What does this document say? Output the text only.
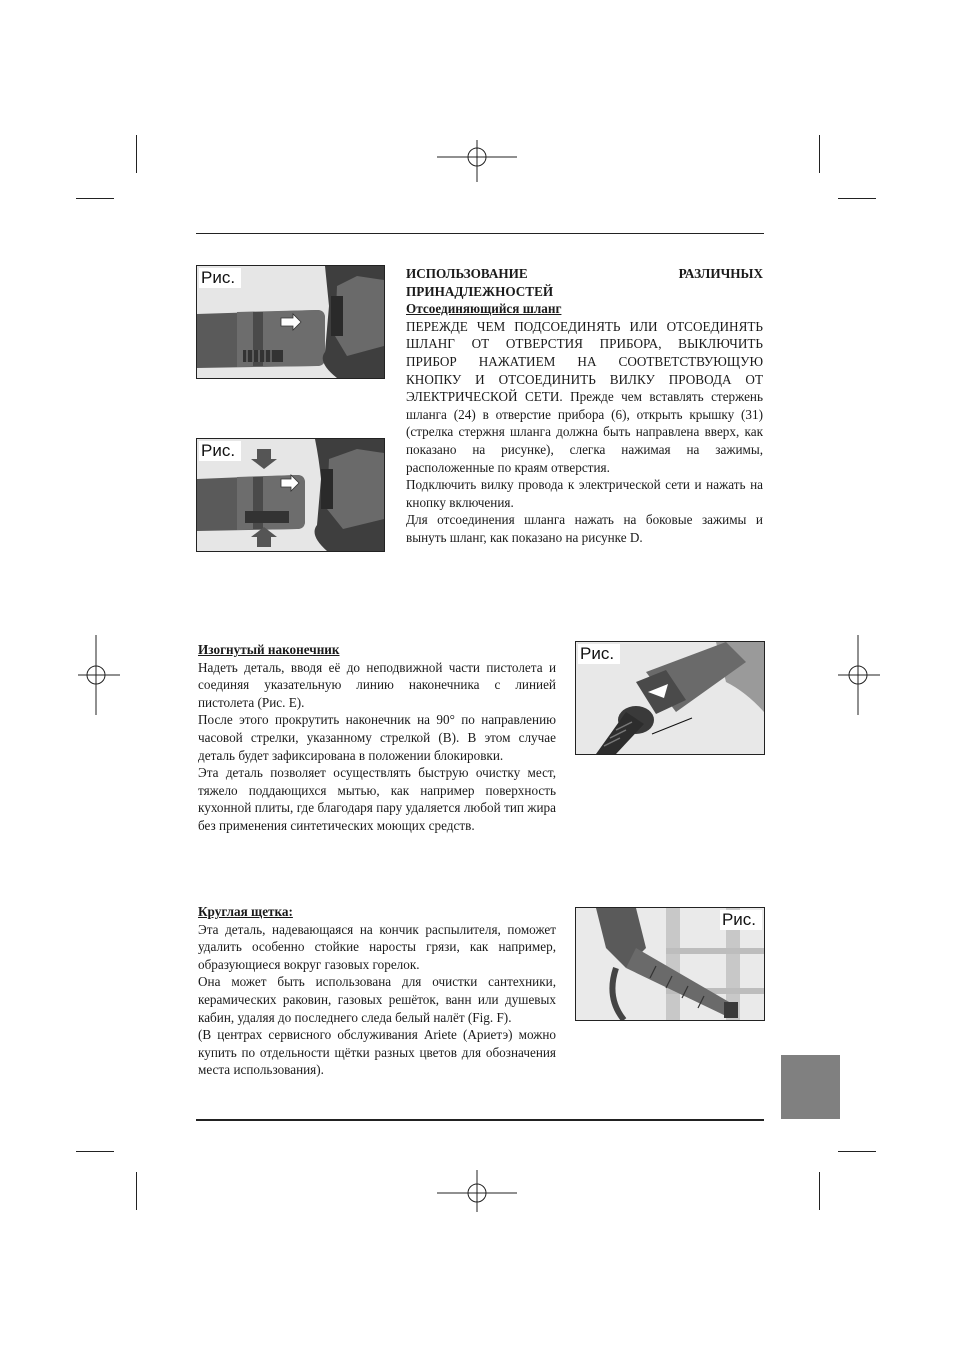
Рис.
Рис.
Рис.
Рис.
ИСПОЛЬЗОВАНИЕ	РАЗЛИЧНЫХ

ПРИНАДЛЕЖНОСТЕЙ

Отсоединяющийся шланг

ПЕРЕЖДЕ ЧЕМ ПОДСОЕДИНЯТЬ ИЛИ ОТСОЕДИНЯТЬ ШЛАНГ ОТ ОТВЕРСТИЯ ПРИБОРА, ВЫКЛЮЧИТЬ ПРИБОР НАЖАТИЕМ НА СООТВЕТСТВУЮЩУЮ КНОПКУ И ОТСОЕДИНИТЬ ВИЛКУ ПРОВОДА ОТ ЭЛЕКТРИЧЕСКОЙ СЕТИ. Прежде чем вставлять стержень шланга (24) в отверстие прибора (6), открыть крышку (31) (стрелка стержня шланга должна быть направлена вверх, как показано на рисунке), слегка нажимая на зажимы, расположенные по краям отверстия.

Подключить вилку провода к электрической сети и нажать на кнопку включения.

Для отсоединения шланга нажать на боковые зажимы и вынуть шланг, как показано на рисунке D.

Изогнутый наконечник

Надеть деталь, вводя её до неподвижной части пистолета и соединяя указательную линию наконечника с линией пистолета (Рис. E).

После этого прокрутить наконечник на 90° по направлению часовой стрелки, указанному стрелкой (B). В этом случае деталь будет зафиксирована в положении блокировки.

Эта деталь позволяет осуществлять быструю очистку мест, тяжело поддающихся мытью, как например поверхность кухонной плиты, где благодаря пару удаляется любой тип жира без применения синтетических моющих средств.

Круглая щетка:

Эта деталь, надевающаяся на кончик распылителя, поможет удалить особенно стойкие наросты грязи, как например, образующиеся вокруг газовых горелок.

Она может быть использована для очистки сантехники, керамических раковин, газовых решёток, ванн или душевых кабин, удаляя до последнего следа белый налёт (Fig. F).

(В центрах сервисного обслуживания Ariete (Ариетэ) можно купить по отдельности щётки разных цветов для обозначения места использования).
